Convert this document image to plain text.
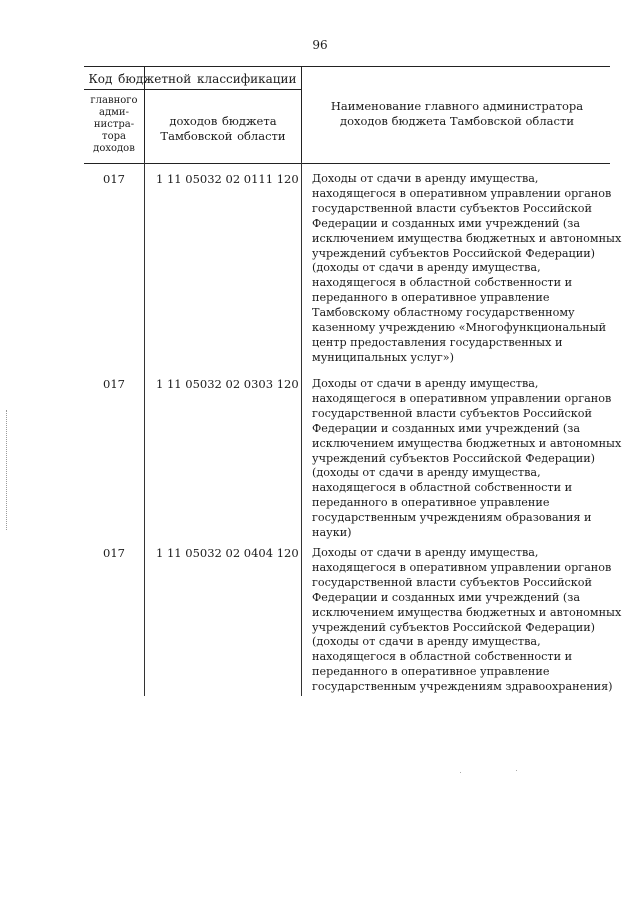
96
Код бюджетной классификации
главного
адми-
нистра-
тора
доходов
доходов бюджета
Тамбовской области
Наименование главного администратора
доходов бюджета Тамбовской области
017	1 11 05032 02 0111 120 Доходы от сдачи в аренду имущества,
находящегося в оперативном управлении органов
государственной власти субъектов Российской
Федерации и созданных ими учреждений (за
исключением имущества бюджетных и автономных
учреждений субъектов Российской Федерации)
(доходы от сдачи в аренду имущества,
находящегося в областной собственности и
переданного в оперативное управление
Тамбовскому областному государственному
казенному учреждению «Многофункциональный
центр предоставления государственных и
муниципальных услуг»)
017	1 11 05032 02 0303 120 Доходы от сдачи в аренду имущества,
находящегося в оперативном управлении органов
государственной власти субъектов Российской
Федерации и созданных ими учреждений (за
исключением имущества бюджетных и автономных
учреждений субъектов Российской Федерации)
(доходы от сдачи в аренду имущества,
находящегося в областной собственности и
переданного в оперативное управление
государственным учреждениям образования и
науки)
017	1 11 05032 02 0404 120 Доходы от сдачи в аренду имущества,
находящегося в оперативном управлении органов
государственной власти субъектов Российской
Федерации и созданных ими учреждений (за
исключением имущества бюджетных и автономных
учреждений субъектов Российской Федерации)
(доходы от сдачи в аренду имущества,
находящегося в областной собственности и
переданного в оперативное управление
государственным учреждениям здравоохранения)
